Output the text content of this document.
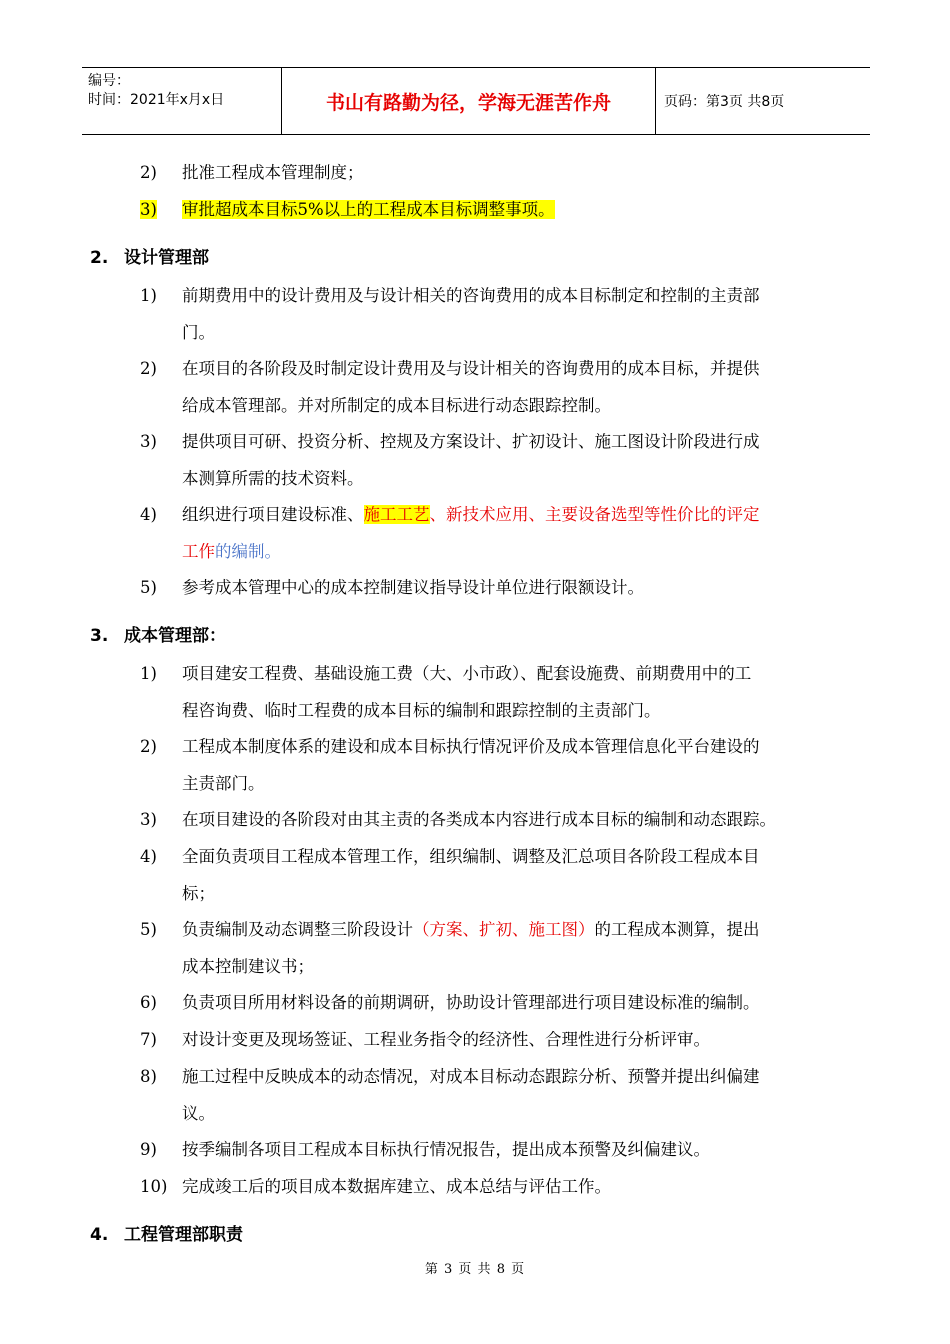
编号：
时间：2021年x月x日	书山有路勤为径，学海无涯苦作舟	页码：第3页 共8页
2)	批准工程成本管理制度；
3)	审批超成本目标5%以上的工程成本目标调整事项。
2. 设计管理部
1)	前期费用中的设计费用及与设计相关的咨询费用的成本目标制定和控制的主责部
门。
2)	在项目的各阶段及时制定设计费用及与设计相关的咨询费用的成本目标，并提供
给成本管理部。并对所制定的成本目标进行动态跟踪控制。
3)	提供项目可研、投资分析、控规及方案设计、扩初设计、施工图设计阶段进行成
本测算所需的技术资料。
4)	组织进行项目建设标准、施工工艺、新技术应用、主要设备选型等性价比的评定
工作的编制。
5)	参考成本管理中心的成本控制建议指导设计单位进行限额设计。
3. 成本管理部：
1)	项目建安工程费、基础设施工费（大、小市政）、配套设施费、前期费用中的工
程咨询费、临时工程费的成本目标的编制和跟踪控制的主责部门。
2)	工程成本制度体系的建设和成本目标执行情况评价及成本管理信息化平台建设的
主责部门。
3)	在项目建设的各阶段对由其主责的各类成本内容进行成本目标的编制和动态跟踪。
4)	全面负责项目工程成本管理工作，组织编制、调整及汇总项目各阶段工程成本目
标；
5)	负责编制及动态调整三阶段设计（方案、扩初、施工图）的工程成本测算，提出
成本控制建议书；
6)	负责项目所用材料设备的前期调研，协助设计管理部进行项目建设标准的编制。
7)	对设计变更及现场签证、工程业务指令的经济性、合理性进行分析评审。
8)	施工过程中反映成本的动态情况，对成本目标动态跟踪分析、预警并提出纠偏建
议。
9)	按季编制各项目工程成本目标执行情况报告，提出成本预警及纠偏建议。
10) 完成竣工后的项目成本数据库建立、成本总结与评估工作。
4. 工程管理部职责
第 3 页 共 8 页
